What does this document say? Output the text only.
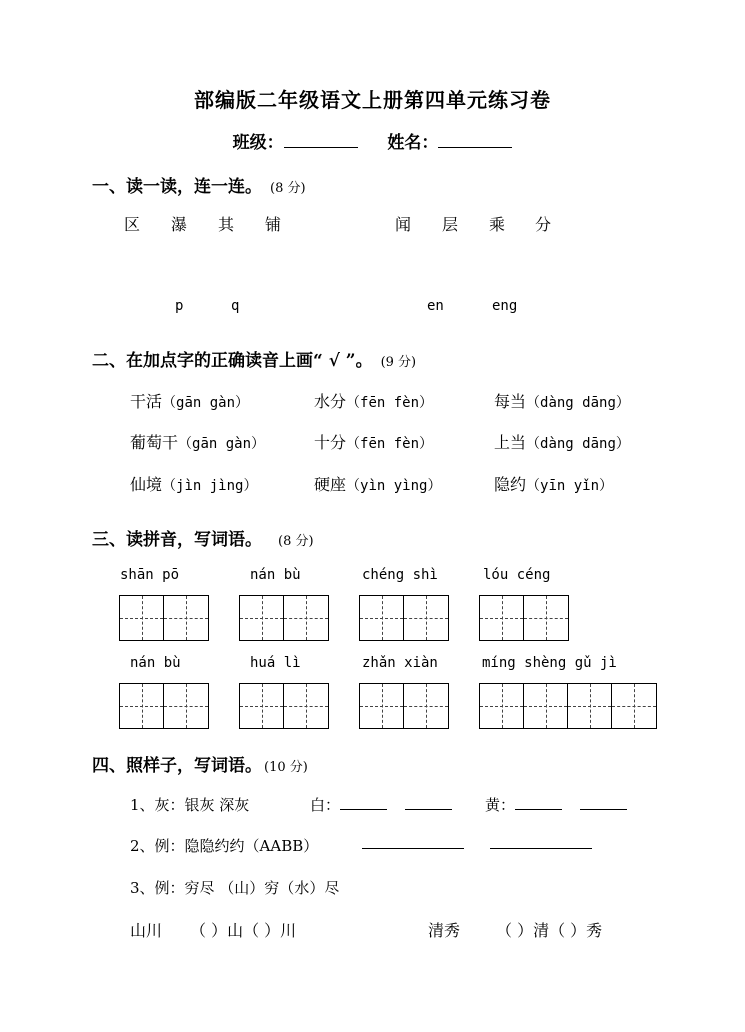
部编版二年级语文上册第四单元练习卷
班级：	姓名：
一、读一读，连一连。 (8 分)
区 瀑 其 铺	闻 层 乘 分
p	q	en	eng
二、在加点字的正确读音上画“ √ ”。 (9 分)
干活（gān gàn）	水分（fēn fèn）	每当（dàng dāng）
葡萄干（gān gàn）	十分（fēn fèn）	上当（dàng dāng）
仙境（jìn jìng）	硬座（yìn yìng）	隐约（yīn yǐn）
三、读拼音，写词语。 (8 分)
shān pō	nán bù	chéng shì	lóu céng
nán bù	huá lì	zhǎn xiàn	míng shèng gǔ jì
四、照样子，写词语。 (10 分)
1、灰：银灰 深灰	白：	黄：
2、例：隐隐约约（AABB）
3、例：穷尽 （山）穷（水）尽
山川 （ ）山（ ）川	清秀 （ ）清（ ）秀
